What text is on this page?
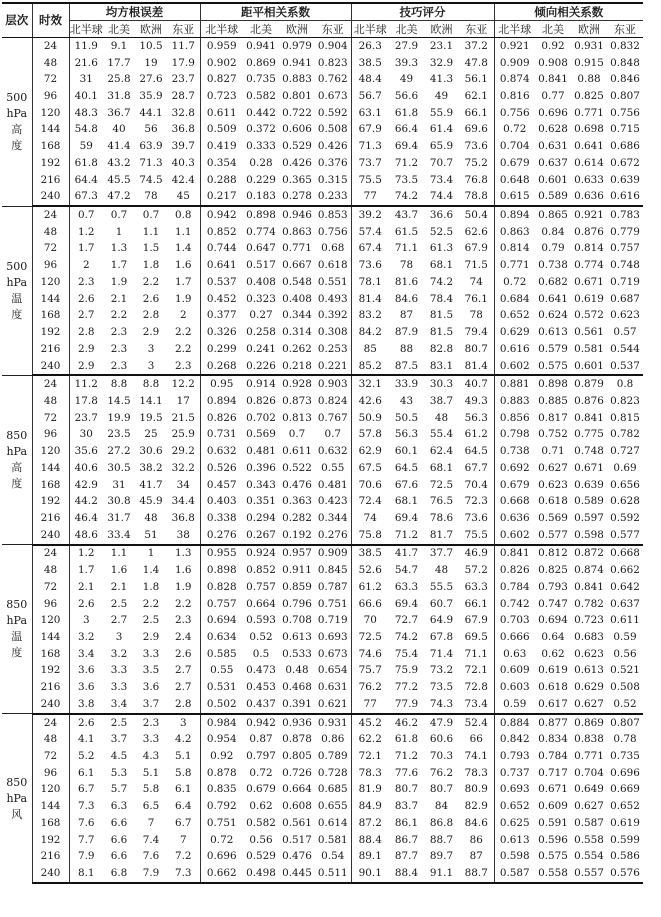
层次	时效	均方根误差				距平相关系数				技巧评分				倾向相关系数			
		北半球	北美	欧洲	东亚	北半球	北美	欧洲	东亚	北半球	北美	欧洲	东亚	北半球	北美	欧洲	东亚

500
hPa
高
度	24	11.9	9.1	10.5	11.7	0.959	0.941	0.979	0.904	26.3	27.9	23.1	37.2	0.921	0.92	0.931	0.832
	48	21.6	17.7	19	17.9	0.902	0.869	0.941	0.823	38.5	39.3	32.9	47.8	0.909	0.908	0.915	0.848
	72	31	25.8	27.6	23.7	0.827	0.735	0.883	0.762	48.4	49	41.3	56.1	0.874	0.841	0.88	0.846
	96	40.1	31.8	35.9	28.7	0.723	0.582	0.801	0.673	56.7	56.6	49	62.1	0.816	0.77	0.825	0.807
	120	48.3	36.7	44.1	32.8	0.611	0.442	0.722	0.592	63.1	61.8	55.9	66.1	0.756	0.696	0.771	0.756
	144	54.8	40	56	36.8	0.509	0.372	0.606	0.508	67.9	66.4	61.4	69.6	0.72	0.628	0.698	0.715
	168	59	41.4	63.9	39.7	0.419	0.333	0.529	0.426	71.3	69.4	65.9	73.6	0.704	0.631	0.641	0.686
	192	61.8	43.2	71.3	40.3	0.354	0.28	0.426	0.376	73.7	71.2	70.7	75.2	0.679	0.637	0.614	0.672
	216	64.4	45.5	74.5	42.4	0.288	0.229	0.365	0.315	75.5	73.5	73.4	76.8	0.648	0.601	0.633	0.639
	240	67.3	47.2	78	45	0.217	0.183	0.278	0.233	77	74.2	74.4	78.8	0.615	0.589	0.636	0.616

500
hPa
温
度	24	0.7	0.7	0.7	0.8	0.942	0.898	0.946	0.853	39.2	43.7	36.6	50.4	0.894	0.865	0.921	0.783
	48	1.2	1	1.1	1.1	0.852	0.774	0.863	0.756	57.4	61.5	52.5	62.6	0.863	0.84	0.876	0.779
	72	1.7	1.3	1.5	1.4	0.744	0.647	0.771	0.68	67.4	71.1	61.3	67.9	0.814	0.79	0.814	0.757
	96	2	1.7	1.8	1.6	0.641	0.517	0.667	0.618	73.6	78	68.1	71.5	0.771	0.738	0.774	0.748
	120	2.3	1.9	2.2	1.7	0.537	0.408	0.548	0.551	78.1	81.6	74.2	74	0.72	0.682	0.671	0.719
	144	2.6	2.1	2.6	1.9	0.452	0.323	0.408	0.493	81.4	84.6	78.4	76.1	0.684	0.641	0.619	0.687
	168	2.7	2.2	2.8	2	0.377	0.27	0.344	0.392	83.2	87	81.5	78	0.652	0.624	0.572	0.623
	192	2.8	2.3	2.9	2.2	0.326	0.258	0.314	0.308	84.2	87.9	81.5	79.4	0.629	0.613	0.561	0.57
	216	2.9	2.3	3	2.2	0.299	0.241	0.262	0.253	85	88	82.8	80.7	0.616	0.579	0.581	0.544
	240	2.9	2.3	3	2.3	0.268	0.226	0.218	0.221	85.2	87.5	83.1	81.4	0.602	0.575	0.601	0.537

850
hPa
高
度	24	11.2	8.8	8.8	12.2	0.95	0.914	0.928	0.903	32.1	33.9	30.3	40.7	0.881	0.898	0.879	0.8
	48	17.8	14.5	14.1	17	0.894	0.826	0.873	0.824	42.6	43	38.7	49.3	0.883	0.885	0.876	0.823
	72	23.7	19.9	19.5	21.5	0.826	0.702	0.813	0.767	50.9	50.5	48	56.3	0.856	0.817	0.841	0.815
	96	30	23.5	25	25.9	0.731	0.569	0.7	0.7	57.8	56.3	55.4	61.2	0.798	0.752	0.775	0.782
	120	35.6	27.2	30.6	29.2	0.632	0.481	0.611	0.632	62.9	60.1	62.4	64.5	0.738	0.71	0.748	0.727
	144	40.6	30.5	38.2	32.2	0.526	0.396	0.522	0.55	67.5	64.5	68.1	67.7	0.692	0.627	0.671	0.69
	168	42.9	31	41.7	34	0.457	0.343	0.476	0.481	70.6	67.6	72.5	70.4	0.679	0.623	0.639	0.656
	192	44.2	30.8	45.9	34.4	0.403	0.351	0.363	0.423	72.4	68.1	76.5	72.3	0.668	0.618	0.589	0.628
	216	46.4	31.7	48	36.8	0.338	0.294	0.282	0.344	74	69.4	78.6	73.6	0.636	0.569	0.597	0.592
	240	48.6	33.4	51	38	0.276	0.267	0.192	0.276	75.8	71.2	81.7	75.5	0.602	0.577	0.598	0.577

850
hPa
温
度	24	1.2	1.1	1	1.3	0.955	0.924	0.957	0.909	38.5	41.7	37.7	46.9	0.841	0.812	0.872	0.668
	48	1.7	1.6	1.4	1.6	0.898	0.852	0.911	0.845	52.6	54.7	48	57.2	0.826	0.825	0.874	0.662
	72	2.1	2.1	1.8	1.9	0.828	0.757	0.859	0.787	61.2	63.3	55.5	63.3	0.784	0.793	0.841	0.642
	96	2.6	2.5	2.2	2.2	0.757	0.664	0.796	0.751	66.6	69.4	60.7	66.1	0.742	0.747	0.782	0.637
	120	3	2.7	2.5	2.3	0.694	0.593	0.708	0.719	70	72.7	64.9	67.9	0.703	0.694	0.723	0.611
	144	3.2	3	2.9	2.4	0.634	0.52	0.613	0.693	72.5	74.2	67.8	69.5	0.666	0.64	0.683	0.59
	168	3.4	3.2	3.3	2.6	0.585	0.5	0.533	0.673	74.6	75.4	71.4	71.1	0.63	0.62	0.623	0.56
	192	3.6	3.3	3.5	2.7	0.55	0.473	0.48	0.654	75.7	75.9	73.2	72.1	0.609	0.619	0.613	0.521
	216	3.6	3.3	3.6	2.7	0.531	0.453	0.468	0.631	76.2	77.2	73.5	72.8	0.603	0.618	0.629	0.508
	240	3.8	3.4	3.7	2.8	0.502	0.437	0.391	0.621	77	77.9	74.3	73.4	0.59	0.617	0.627	0.52

850
hPa
风	24	2.6	2.5	2.3	3	0.984	0.942	0.936	0.931	45.2	46.2	47.9	52.4	0.884	0.877	0.869	0.807
	48	4.1	3.7	3.3	4.2	0.954	0.87	0.878	0.86	62.2	61.8	60.6	66	0.842	0.834	0.838	0.78
	72	5.2	4.5	4.3	5.1	0.92	0.797	0.805	0.789	72.1	71.2	70.3	74.1	0.793	0.784	0.771	0.735
	96	6.1	5.3	5.1	5.8	0.878	0.72	0.726	0.728	78.3	77.6	76.2	78.3	0.737	0.717	0.704	0.696
	120	6.7	5.7	5.8	6.1	0.835	0.679	0.664	0.685	81.9	80.7	80.7	80.9	0.693	0.671	0.649	0.669
	144	7.3	6.3	6.5	6.4	0.792	0.62	0.608	0.655	84.9	83.7	84	82.9	0.652	0.609	0.627	0.652
	168	7.6	6.6	7	6.7	0.751	0.582	0.561	0.614	87.2	86.1	86.8	84.6	0.625	0.591	0.587	0.619
	192	7.7	6.6	7.4	7	0.72	0.56	0.517	0.581	88.4	86.7	88.7	86	0.613	0.596	0.558	0.599
	216	7.9	6.6	7.6	7.2	0.696	0.529	0.476	0.54	89.1	87.7	89.7	87	0.598	0.575	0.554	0.586
	240	8.1	6.8	7.9	7.3	0.662	0.498	0.445	0.511	90.1	88.4	91.1	88.7	0.587	0.558	0.557	0.576
